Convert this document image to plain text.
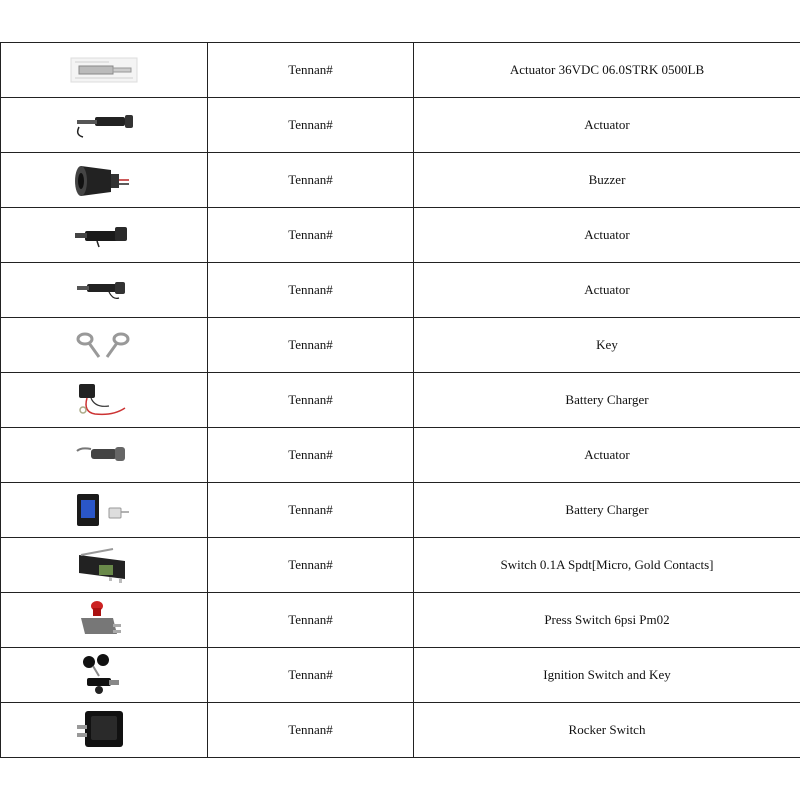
	Tennan#	Actuator 36VDC 06.0STRK 0500LB

	Tennan#	Actuator

	Tennan#	Buzzer

	Tennan#	Actuator

	Tennan#	Actuator

	Tennan#	Key

	Tennan#	Battery Charger

	Tennan#	Actuator

	Tennan#	Battery Charger

	Tennan#	Switch 0.1A Spdt[Micro, Gold Contacts]

	Tennan#	Press Switch 6psi Pm02

	Tennan#	Ignition Switch and Key

	Tennan#	Rocker Switch
